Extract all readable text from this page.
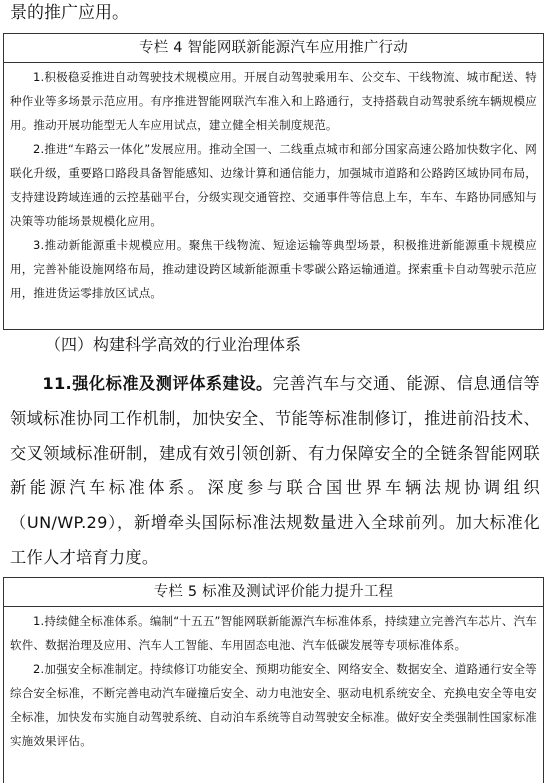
景的推广应用。
专栏 4 智能网联新能源汽车应用推广行动
1.积极稳妥推进自动驾驶技术规模应用。开展自动驾驶乘用车、公交车、干线物流、城市配送、特种作业等多场景示范应用。有序推进智能网联汽车准入和上路通行，支持搭载自动驾驶系统车辆规模应用。推动开展功能型无人车应用试点，建立健全相关制度规范。
2.推进“车路云一体化”发展应用。推动全国一、二线重点城市和部分国家高速公路加快数字化、网联化升级，重要路口路段具备智能感知、边缘计算和通信能力，加强城市道路和公路跨区域协同布局，支持建设跨域连通的云控基础平台，分级实现交通管控、交通事件等信息上车，车车、车路协同感知与决策等功能场景规模化应用。
3.推动新能源重卡规模应用。聚焦干线物流、短途运输等典型场景，积极推进新能源重卡规模应用，完善补能设施网络布局，推动建设跨区域新能源重卡零碳公路运输通道。探索重卡自动驾驶示范应用，推进货运零排放区试点。
（四）构建科学高效的行业治理体系
11.强化标准及测评体系建设。完善汽车与交通、能源、信息通信等领域标准协同工作机制，加快安全、节能等标准制修订，推进前沿技术、交叉领域标准研制，建成有效引领创新、有力保障安全的全链条智能网联新能源汽车标准体系。深度参与联合国世界车辆法规协调组织（UN/WP.29），新增牵头国际标准法规数量进入全球前列。加大标准化工作人才培育力度。
专栏 5 标准及测试评价能力提升工程
1.持续健全标准体系。编制“十五五”智能网联新能源汽车标准体系，持续建立完善汽车芯片、汽车软件、数据治理及应用、汽车人工智能、车用固态电池、汽车低碳发展等专项标准体系。
2.加强安全标准制定。持续修订功能安全、预期功能安全、网络安全、数据安全、道路通行安全等综合安全标准，不断完善电动汽车碰撞后安全、动力电池安全、驱动电机系统安全、充换电安全等电安全标准，加快发布实施自动驾驶系统、自动泊车系统等自动驾驶安全标准。做好安全类强制性国家标准实施效果评估。
